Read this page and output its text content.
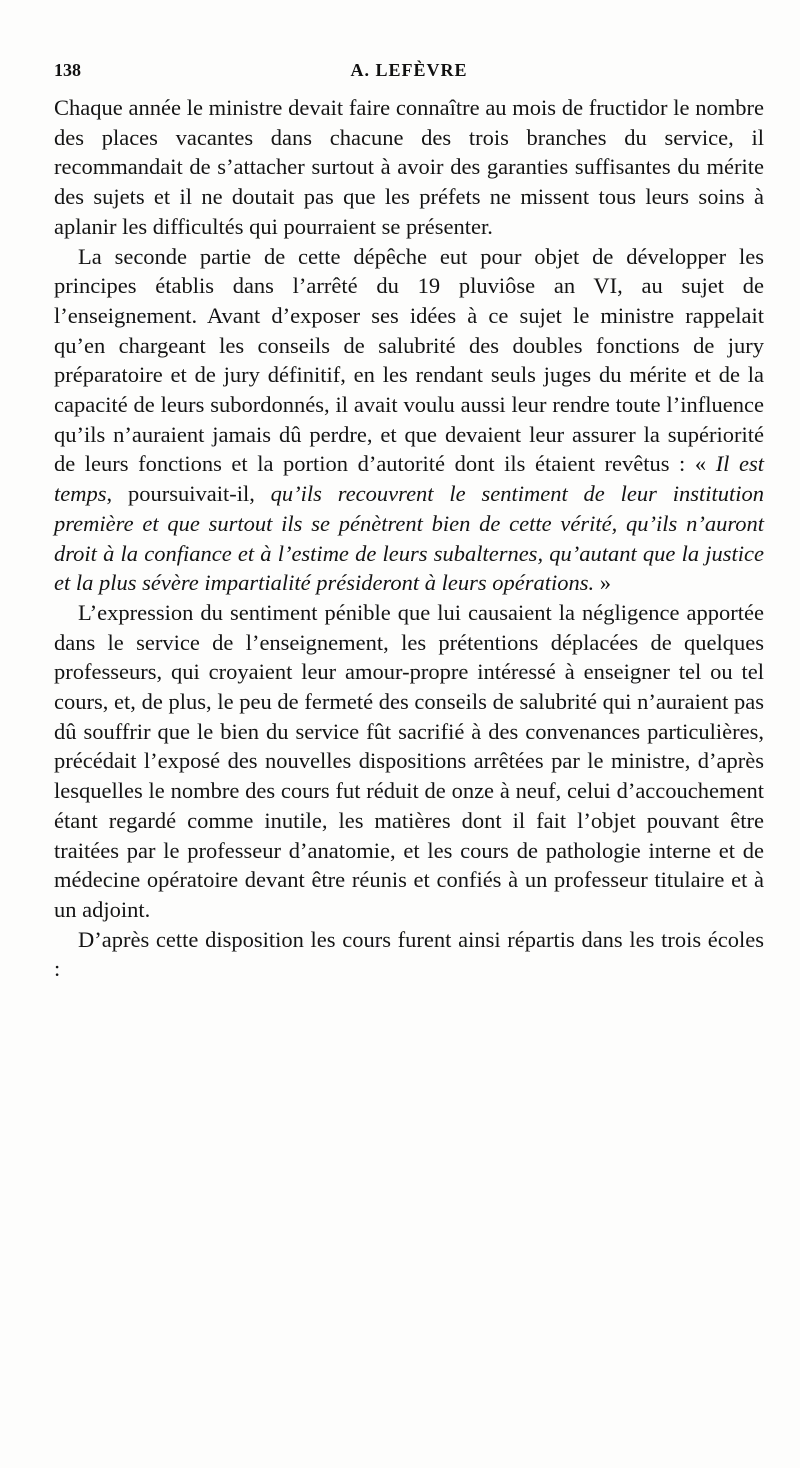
138	A. LEFÈVRE

Chaque année le ministre devait faire connaître au mois de fructidor le nombre des places vacantes dans chacune des trois branches du service, il recommandait de s’attacher surtout à avoir des garanties suffisantes du mérite des sujets et il ne doutait pas que les préfets ne missent tous leurs soins à aplanir les difficultés qui pourraient se présenter.

La seconde partie de cette dépêche eut pour objet de développer les principes établis dans l’arrêté du 19 pluviôse an VI, au sujet de l’enseignement. Avant d’exposer ses idées à ce sujet le ministre rappelait qu’en chargeant les conseils de salubrité des doubles fonctions de jury préparatoire et de jury définitif, en les rendant seuls juges du mérite et de la capacité de leurs subordonnés, il avait voulu aussi leur rendre toute l’influence qu’ils n’auraient jamais dû perdre, et que devaient leur assurer la supériorité de leurs fonctions et la portion d’autorité dont ils étaient revêtus : « Il est temps, poursuivait-il, qu’ils recouvrent le sentiment de leur institution première et que surtout ils se pénètrent bien de cette vérité, qu’ils n’auront droit à la confiance et à l’estime de leurs subalternes, qu’autant que la justice et la plus sévère impartialité présideront à leurs opérations. »

L’expression du sentiment pénible que lui causaient la négligence apportée dans le service de l’enseignement, les prétentions déplacées de quelques professeurs, qui croyaient leur amour-propre intéressé à enseigner tel ou tel cours, et, de plus, le peu de fermeté des conseils de salubrité qui n’auraient pas dû souffrir que le bien du service fût sacrifié à des convenances particulières, précédait l’exposé des nouvelles dispositions arrêtées par le ministre, d’après lesquelles le nombre des cours fut réduit de onze à neuf, celui d’accouchement étant regardé comme inutile, les matières dont il fait l’objet pouvant être traitées par le professeur d’anatomie, et les cours de pathologie interne et de médecine opératoire devant être réunis et confiés à un professeur titulaire et à un adjoint.

D’après cette disposition les cours furent ainsi répartis dans les trois écoles :
